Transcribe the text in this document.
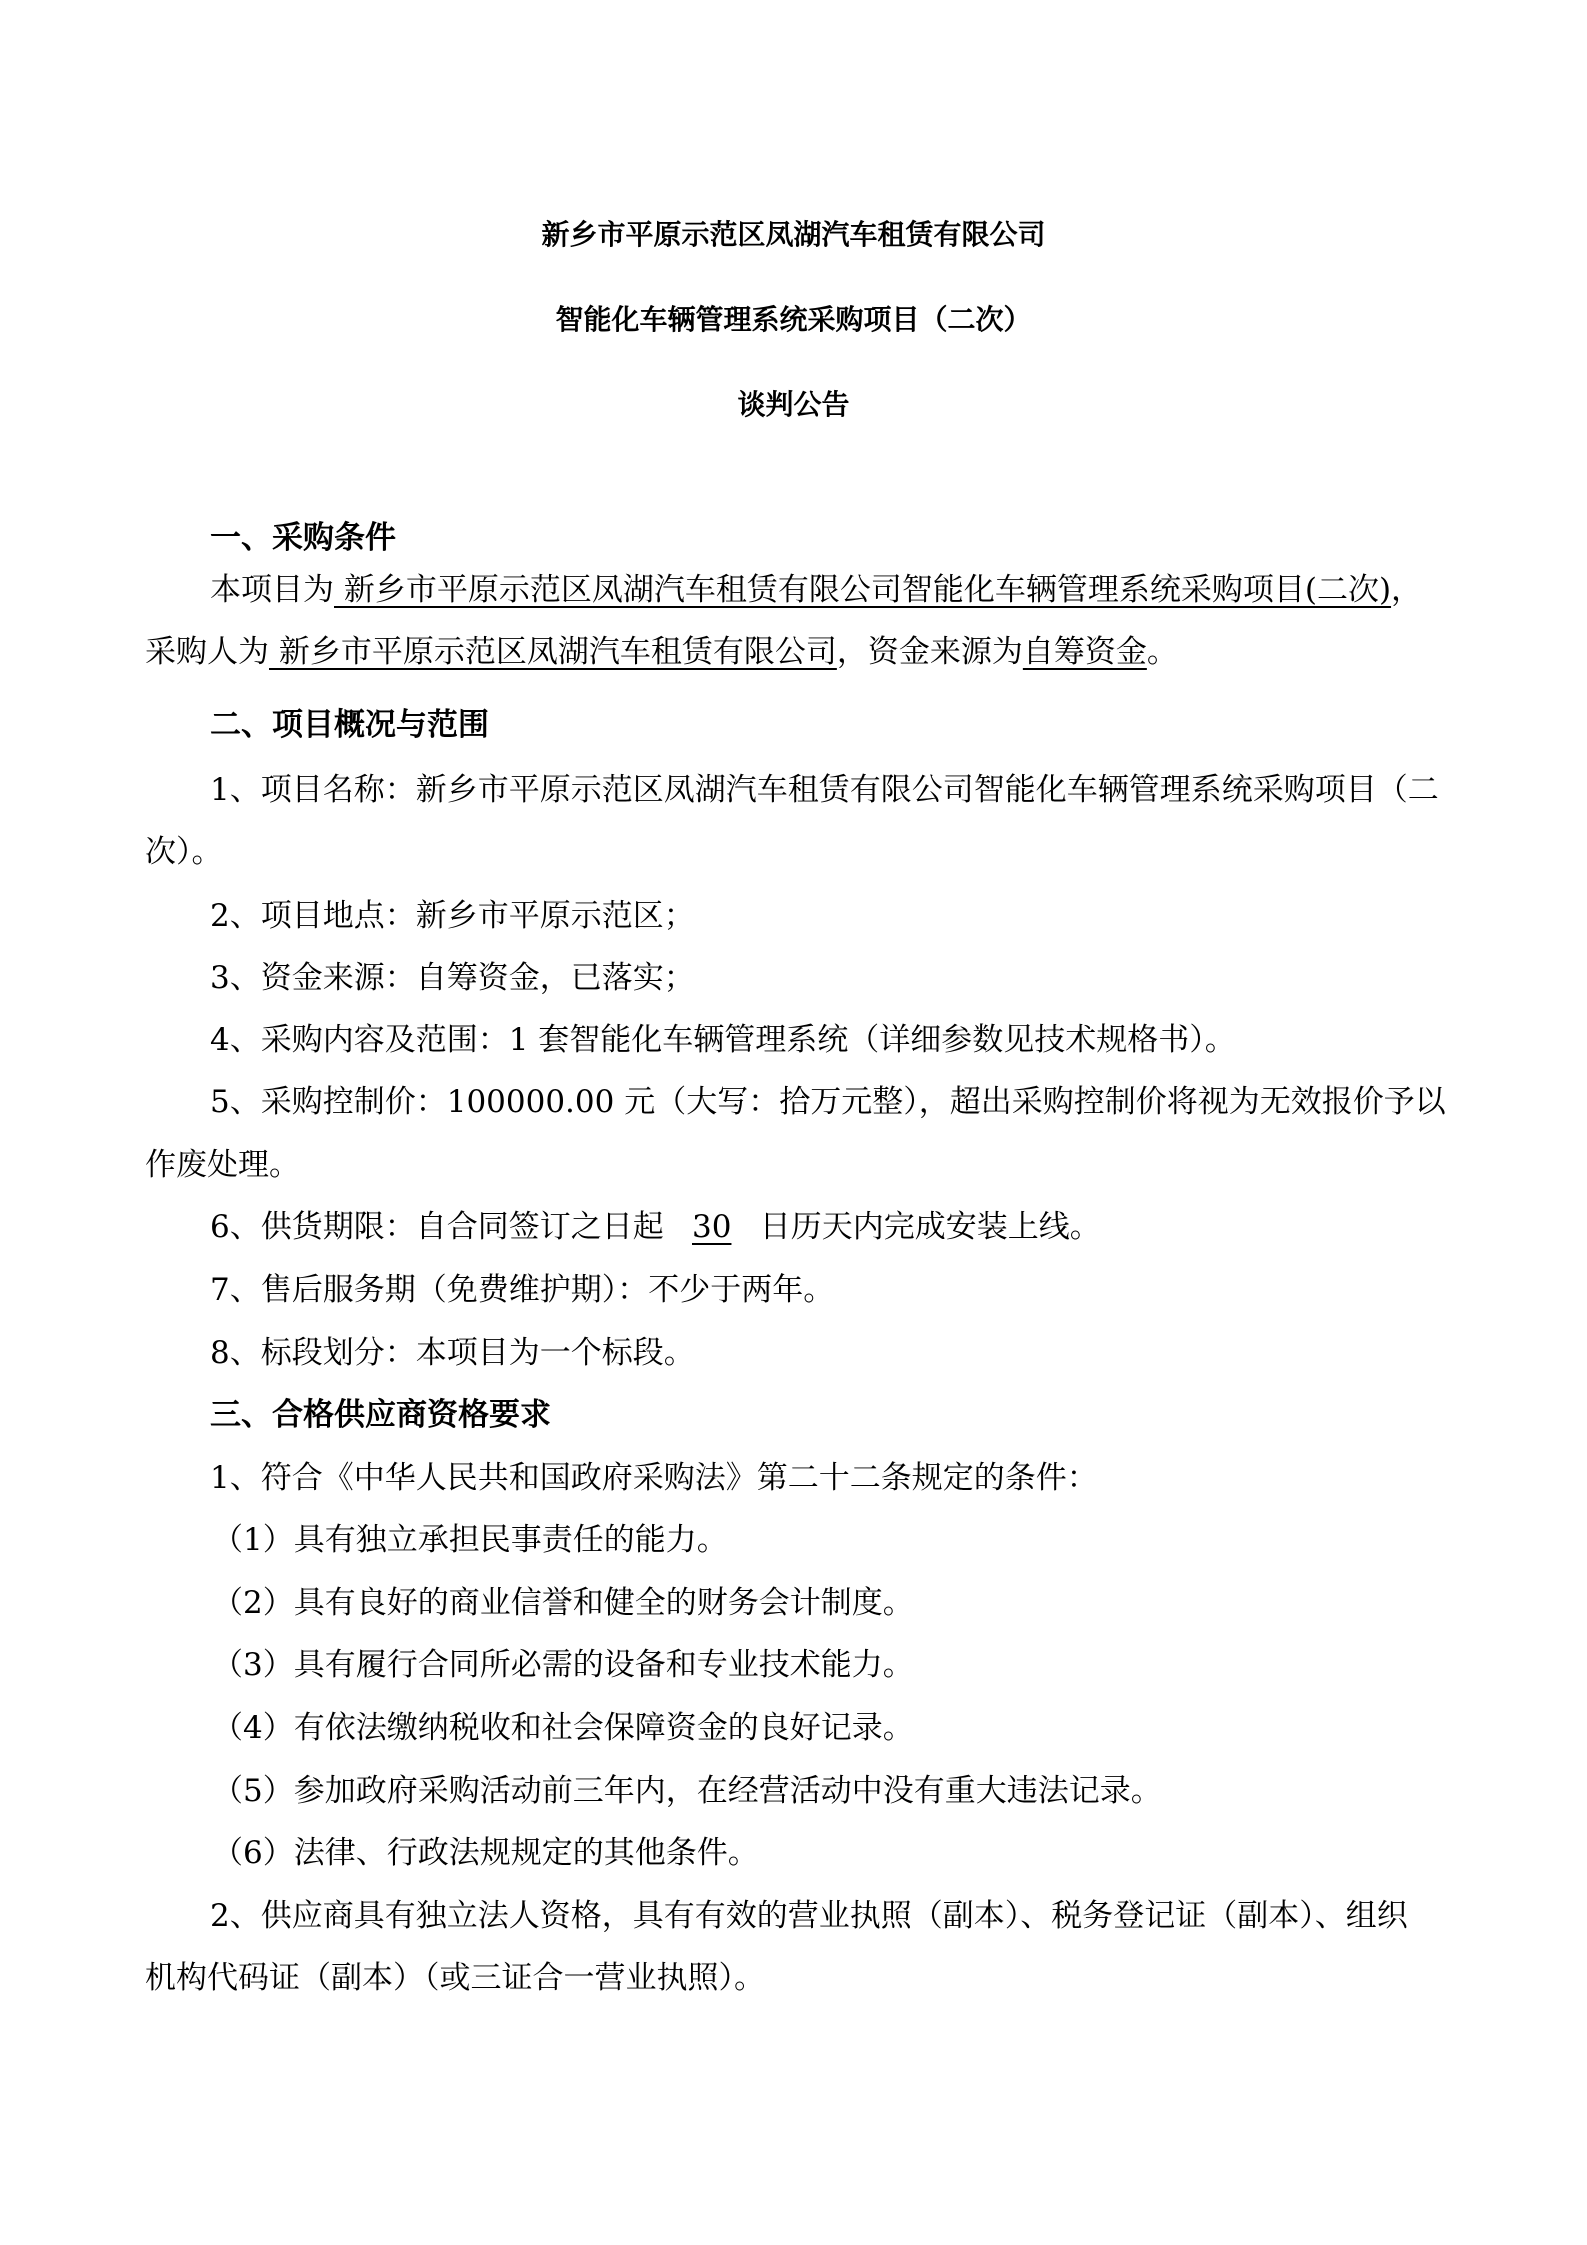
新乡市平原示范区凤湖汽车租赁有限公司
智能化车辆管理系统采购项目（二次）
谈判公告
一、采购条件
本项目为 新乡市平原示范区凤湖汽车租赁有限公司智能化车辆管理系统采购项目(二次)，
采购人为 新乡市平原示范区凤湖汽车租赁有限公司，资金来源为自筹资金。
二、项目概况与范围
1、项目名称：新乡市平原示范区凤湖汽车租赁有限公司智能化车辆管理系统采购项目（二
次）。
2、项目地点：新乡市平原示范区；
3、资金来源：自筹资金，已落实；
4、采购内容及范围：1 套智能化车辆管理系统（详细参数见技术规格书）。
5、采购控制价：100000.00 元（大写：拾万元整），超出采购控制价将视为无效报价予以
作废处理。
6、供货期限：自合同签订之日起 30 日历天内完成安装上线。
7、售后服务期（免费维护期）：不少于两年。
8、标段划分：本项目为一个标段。
三、合格供应商资格要求
1、符合《中华人民共和国政府采购法》第二十二条规定的条件：
（1）具有独立承担民事责任的能力。
（2）具有良好的商业信誉和健全的财务会计制度。
（3）具有履行合同所必需的设备和专业技术能力。
（4）有依法缴纳税收和社会保障资金的良好记录。
（5）参加政府采购活动前三年内，在经营活动中没有重大违法记录。
（6）法律、行政法规规定的其他条件。
2、供应商具有独立法人资格，具有有效的营业执照（副本）、税务登记证（副本）、组织
机构代码证（副本）（或三证合一营业执照）。
